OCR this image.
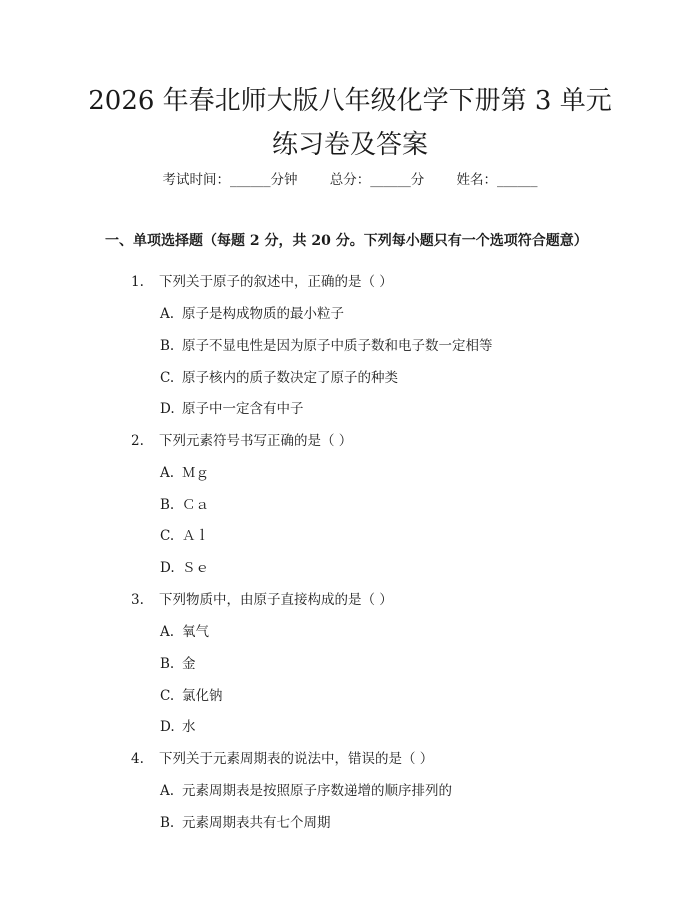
2026 年春北师大版八年级化学下册第 3 单元
练习卷及答案
考试时间：______分钟 总分：______分 姓名：______
一、单项选择题（每题 2 分，共 20 分。下列每小题只有一个选项符合题意）
1. 下列关于原子的叙述中，正确的是（ ）
A. 原子是构成物质的最小粒子
B. 原子不显电性是因为原子中质子数和电子数一定相等
C. 原子核内的质子数决定了原子的种类
D. 原子中一定含有中子
2. 下列元素符号书写正确的是（ ）
A. Ｍｇ
B. Ｃａ
C. Ａｌ
D. Ｓｅ
3. 下列物质中，由原子直接构成的是（ ）
A. 氧气
B. 金
C. 氯化钠
D. 水
4. 下列关于元素周期表的说法中，错误的是（ ）
A. 元素周期表是按照原子序数递增的顺序排列的
B. 元素周期表共有七个周期
